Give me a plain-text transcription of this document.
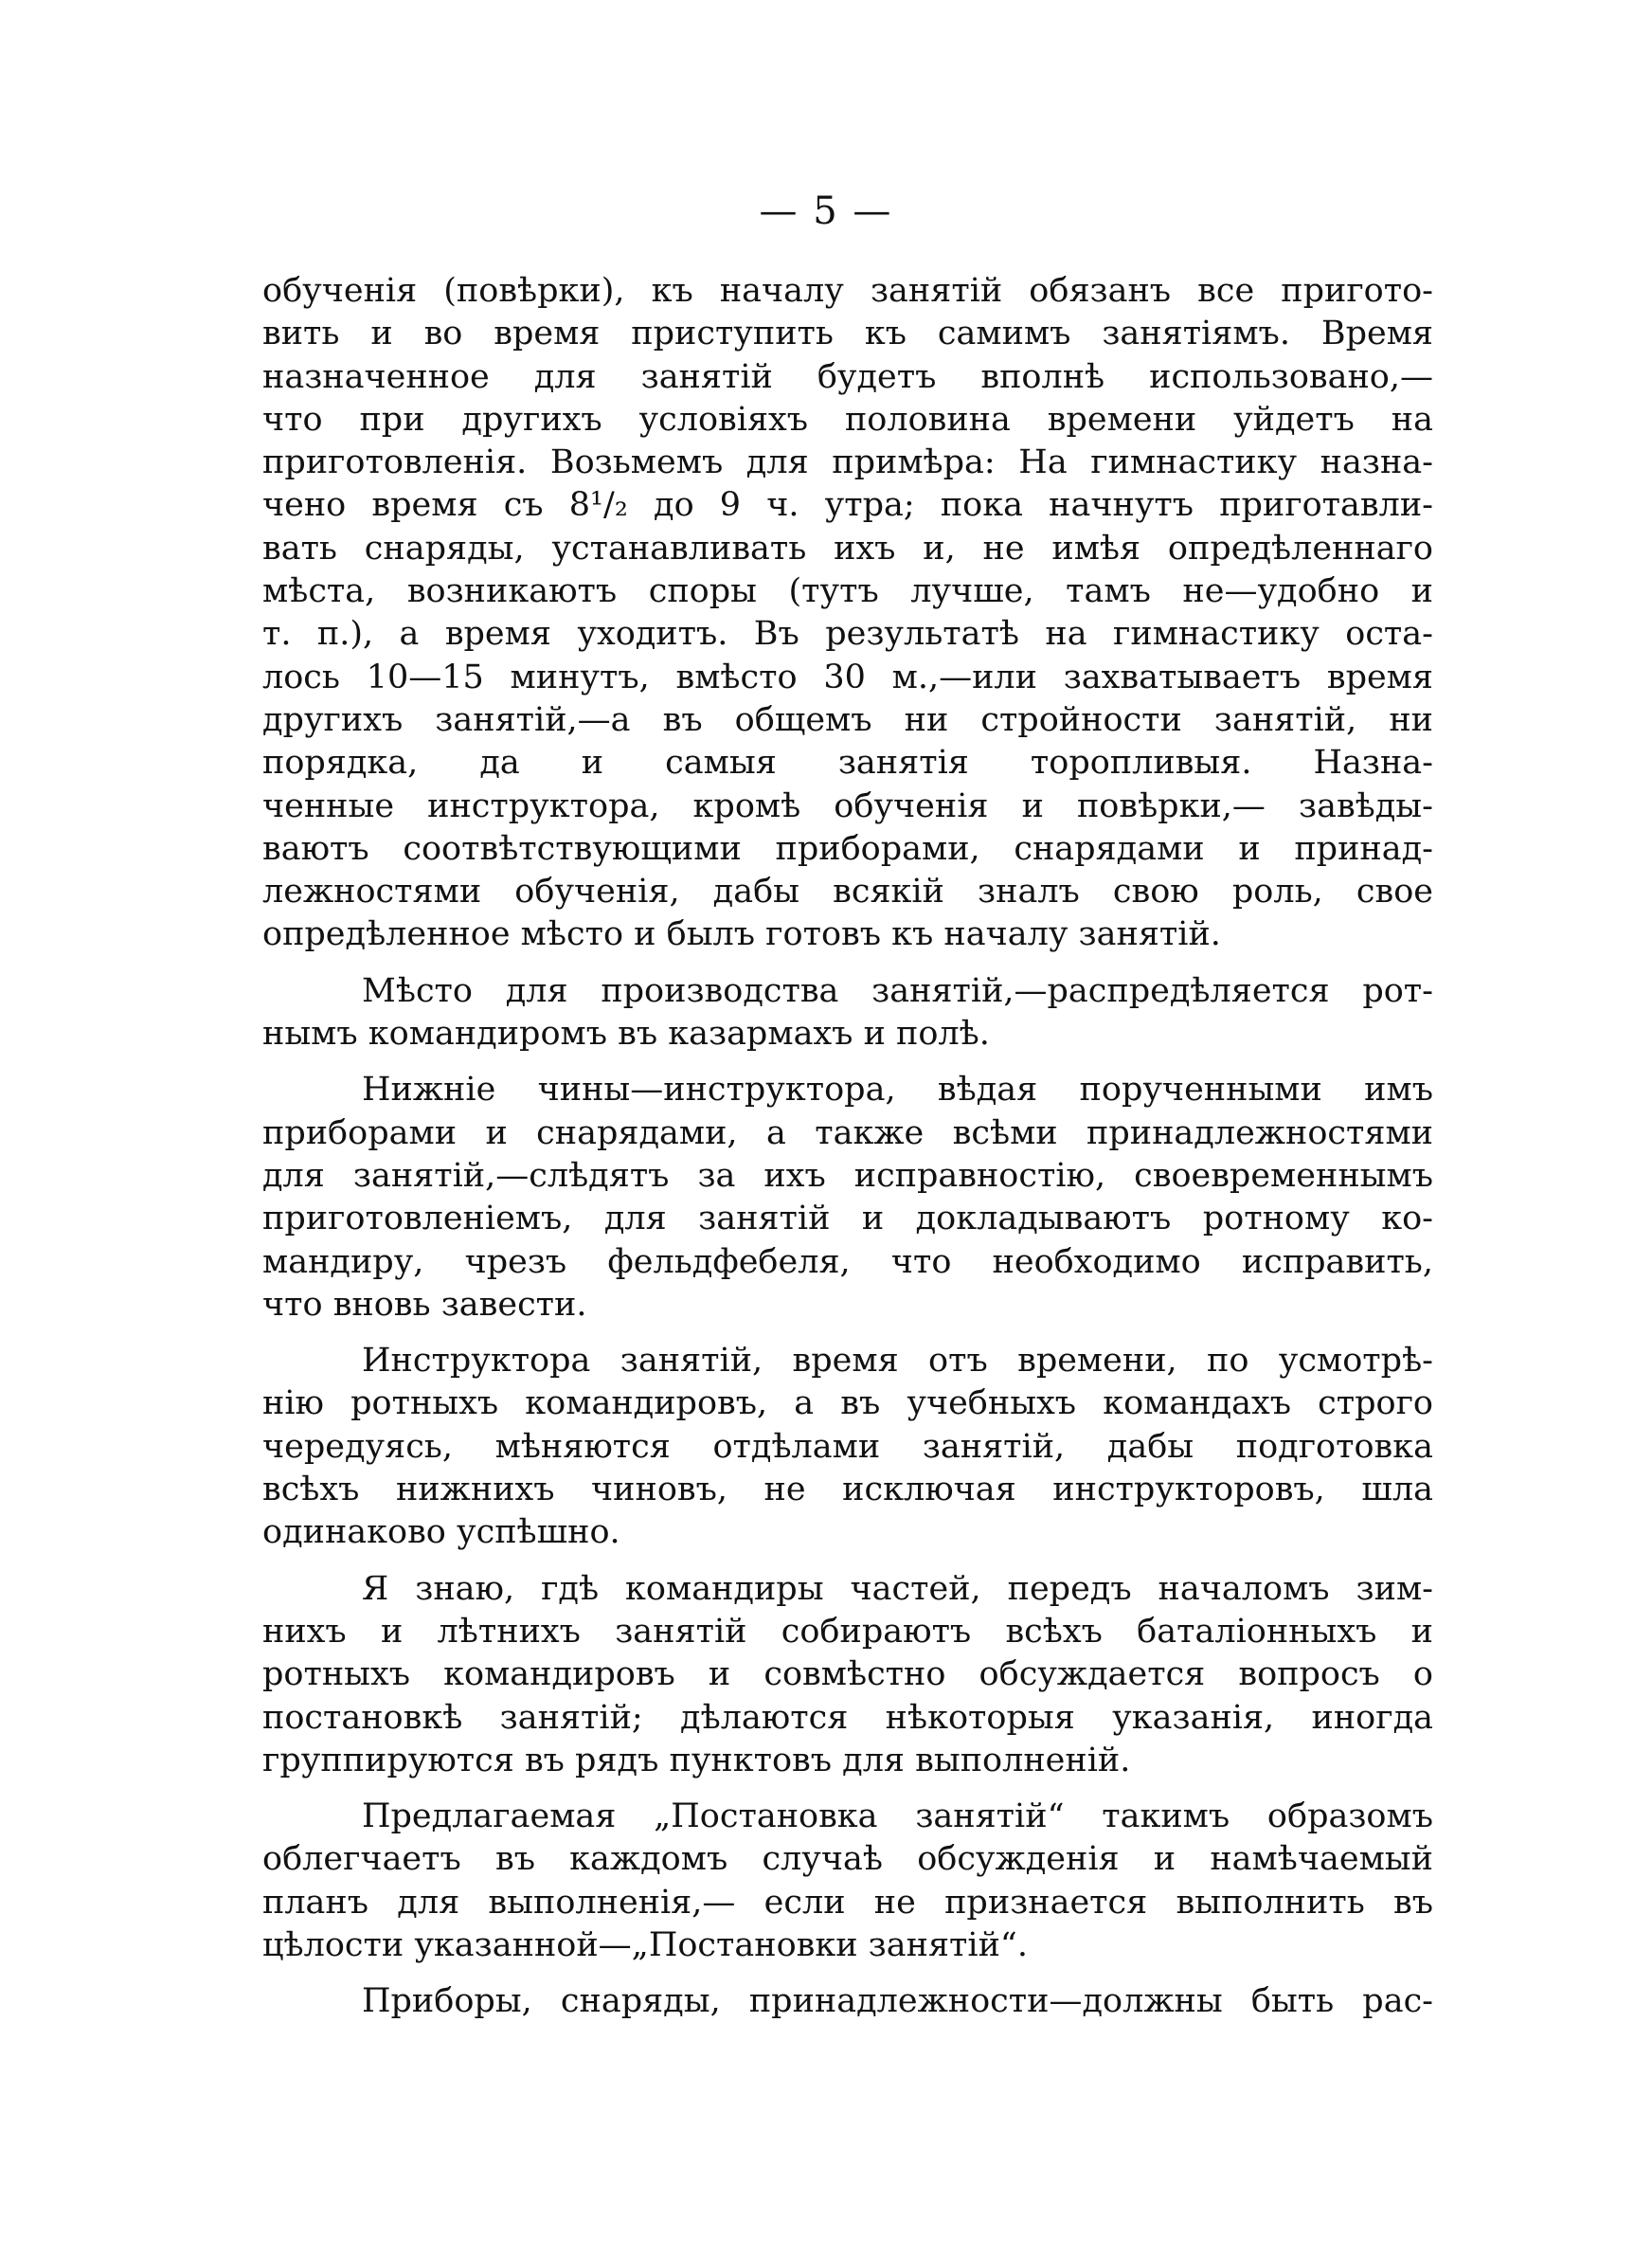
— 5 —
обученія (повѣрки), къ началу занятій обязанъ все пригото-
вить и во время приступить къ самимъ занятіямъ. Время
назначенное для занятій будетъ вполнѣ использовано,—
что при другихъ условіяхъ половина времени уйдетъ на
приготовленія. Возьмемъ для примѣра: На гимнастику назна-
чено время съ 8¹/₂ до 9 ч. утра; пока начнутъ приготавли-
вать снаряды, устанавливать ихъ и, не имѣя опредѣленнаго
мѣста, возникаютъ споры (тутъ лучше, тамъ не—удобно и
т. п.), а время уходитъ. Въ результатѣ на гимнастику оста-
лось 10—15 минутъ, вмѣсто 30 м.,—или захватываетъ время
другихъ занятій,—а въ общемъ ни стройности занятій, ни
порядка, да и самыя занятія торопливыя. Назна-
ченные инструктора, кромѣ обученія и повѣрки,— завѣды-
ваютъ соотвѣтствующими приборами, снарядами и принад-
лежностями обученія, дабы всякій зналъ свою роль, свое
опредѣленное мѣсто и былъ готовъ къ началу занятій.
Мѣсто для производства занятій,—распредѣляется рот-
нымъ командиромъ въ казармахъ и полѣ.
Нижніе чины—инструктора, вѣдая порученными имъ
приборами и снарядами, а также всѣми принадлежностями
для занятій,—слѣдятъ за ихъ исправностію, своевременнымъ
приготовленіемъ, для занятій и докладываютъ ротному ко-
мандиру, чрезъ фельдфебеля, что необходимо исправить,
что вновь завести.
Инструктора занятій, время отъ времени, по усмотрѣ-
нію ротныхъ командировъ, а въ учебныхъ командахъ строго
чередуясь, мѣняются отдѣлами занятій, дабы подготовка
всѣхъ нижнихъ чиновъ, не исключая инструкторовъ, шла
одинаково успѣшно.
Я знаю, гдѣ командиры частей, передъ началомъ зим-
нихъ и лѣтнихъ занятій собираютъ всѣхъ баталіонныхъ и
ротныхъ командировъ и совмѣстно обсуждается вопросъ о
постановкѣ занятій; дѣлаются нѣкоторыя указанія, иногда
группируются въ рядъ пунктовъ для выполненій.
Предлагаемая „Постановка занятій“ такимъ образомъ
облегчаетъ въ каждомъ случаѣ обсужденія и намѣчаемый
планъ для выполненія,— если не признается выполнить въ
цѣлости указанной—„Постановки занятій“.
Приборы, снаряды, принадлежности—должны быть рас-
